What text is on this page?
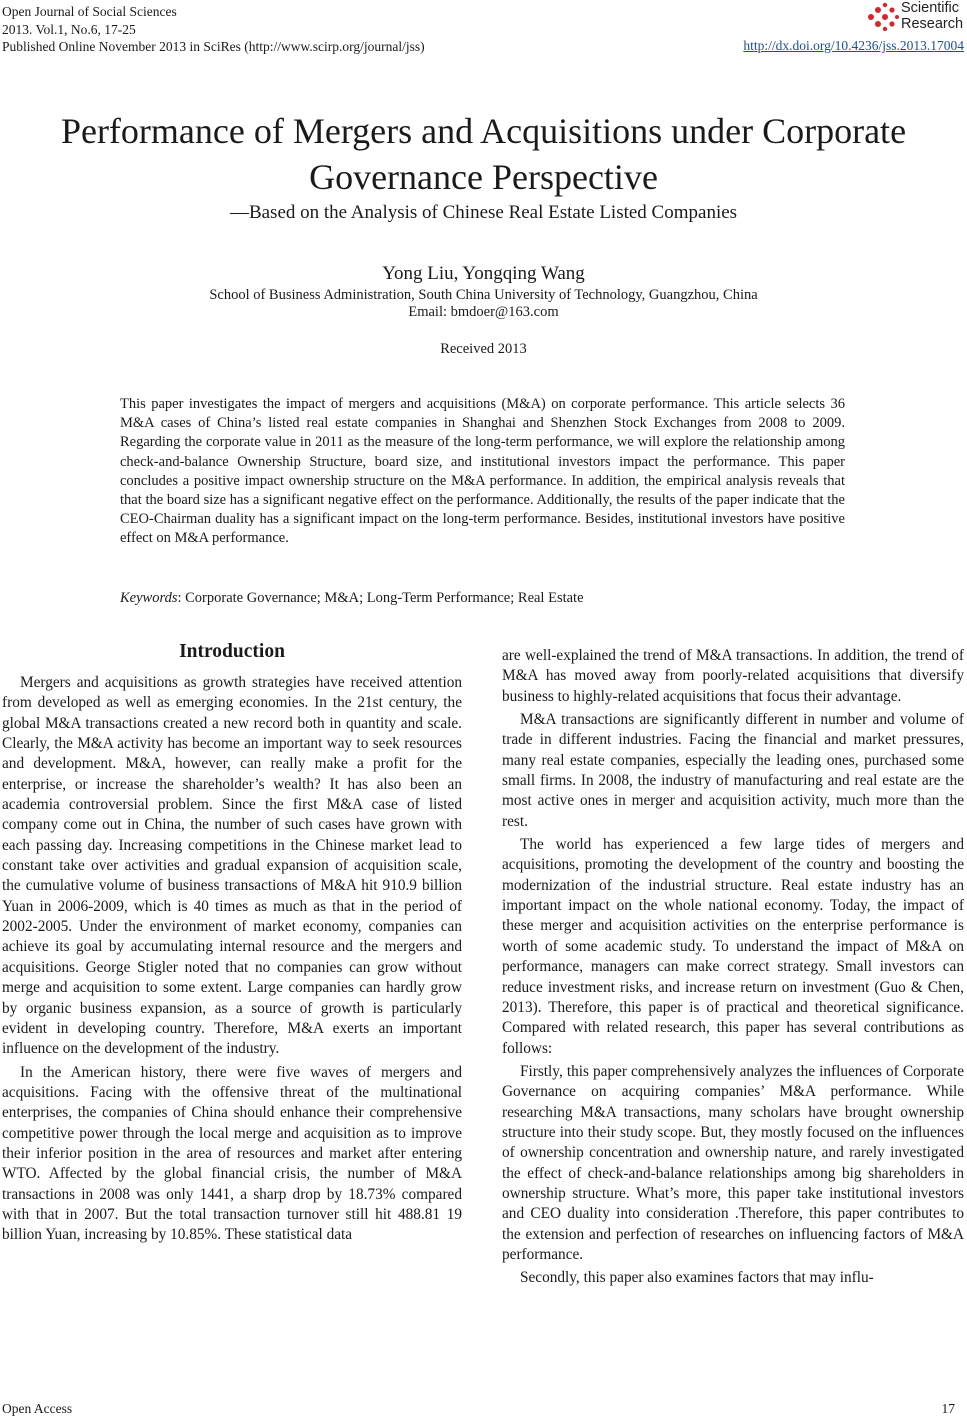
Open Journal of Social Sciences
2013. Vol.1, No.6, 17-25
Published Online November 2013 in SciRes (http://www.scirp.org/journal/jss)
Scientific
Research
http://dx.doi.org/10.4236/jss.2013.17004
Performance of Mergers and Acquisitions under Corporate
Governance Perspective
—Based on the Analysis of Chinese Real Estate Listed Companies
Yong Liu, Yongqing Wang
School of Business Administration, South China University of Technology, Guangzhou, China
Email: bmdoer@163.com
Received 2013

This paper investigates the impact of mergers and acquisitions (M&A) on corporate performance. This article selects 36 M&A cases of China’s listed real estate companies in Shanghai and Shenzhen Stock Exchanges from 2008 to 2009. Regarding the corporate value in 2011 as the measure of the long-term performance, we will explore the relationship among check-and-balance Ownership Structure, board size, and institutional investors impact the performance. This paper concludes a positive impact ownership structure on the M&A performance. In addition, the empirical analysis reveals that that the board size has a significant negative effect on the performance. Additionally, the results of the paper indicate that the CEO-Chairman duality has a significant impact on the long-term performance. Besides, institutional investors have positive effect on M&A performance.

Keywords: Corporate Governance; M&A; Long-Term Performance; Real Estate
Introduction

Mergers and acquisitions as growth strategies have received attention from developed as well as emerging economies. In the 21st century, the global M&A transactions created a new record both in quantity and scale. Clearly, the M&A activity has become an important way to seek resources and development. M&A, however, can really make a profit for the enterprise, or increase the shareholder’s wealth? It has also been an academia controversial problem. Since the first M&A case of listed company come out in China, the number of such cases have grown with each passing day. Increasing competitions in the Chinese market lead to constant take over activities and gradual expansion of acquisition scale, the cumulative volume of business transactions of M&A hit 910.9 billion Yuan in 2006-2009, which is 40 times as much as that in the period of 2002-2005. Under the environment of market economy, companies can achieve its goal by accumulating internal resource and the mergers and acquisitions. George Stigler noted that no companies can grow without merge and acquisition to some extent. Large companies can hardly grow by organic business expansion, as a source of growth is particularly evident in developing country. Therefore, M&A exerts an important influence on the development of the industry.

In the American history, there were five waves of mergers and acquisitions. Facing with the offensive threat of the multinational enterprises, the companies of China should enhance their comprehensive competitive power through the local merge and acquisition as to improve their inferior position in the area of resources and market after entering WTO. Affected by the global financial crisis, the number of M&A transactions in 2008 was only 1441, a sharp drop by 18.73% compared with that in 2007. But the total transaction turnover still hit 488.81 19 billion Yuan, increasing by 10.85%. These statistical data

are well-explained the trend of M&A transactions. In addition, the trend of M&A has moved away from poorly-related acquisitions that diversify business to highly-related acquisitions that focus their advantage.

M&A transactions are significantly different in number and volume of trade in different industries. Facing the financial and market pressures, many real estate companies, especially the leading ones, purchased some small firms. In 2008, the industry of manufacturing and real estate are the most active ones in merger and acquisition activity, much more than the rest.

The world has experienced a few large tides of mergers and acquisitions, promoting the development of the country and boosting the modernization of the industrial structure. Real estate industry has an important impact on the whole national economy. Today, the impact of these merger and acquisition activities on the enterprise performance is worth of some academic study. To understand the impact of M&A on performance, managers can make correct strategy. Small investors can reduce investment risks, and increase return on investment (Guo & Chen, 2013). Therefore, this paper is of practical and theoretical significance. Compared with related research, this paper has several contributions as follows:

Firstly, this paper comprehensively analyzes the influences of Corporate Governance on acquiring companies’ M&A performance. While researching M&A transactions, many scholars have brought ownership structure into their study scope. But, they mostly focused on the influences of ownership concentration and ownership nature, and rarely investigated the effect of check-and-balance relationships among big shareholders in ownership structure. What’s more, this paper take institutional investors and CEO duality into consideration .Therefore, this paper contributes to the extension and perfection of researches on influencing factors of M&A performance.

Secondly, this paper also examines factors that may influ-

Open Access	17
